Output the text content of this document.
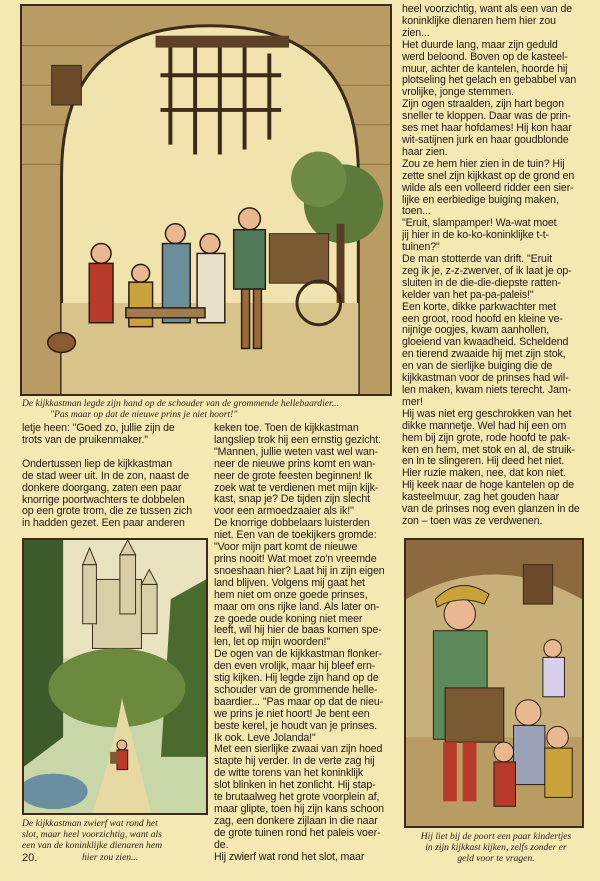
De kijkkastman legde zijn hand op de schouder van de grommende hellebaardier...
"Pas maar op dat de nieuwe prins je niet hoort!"

letje heen: "Goed zo, jullie zijn de

trots van de pruikenmaker."

Ondertussen liep de kijkkastman

de stad weer uit. In de zon, naast de

donkere doorgang, zaten een paar

knorrige poortwachters te dobbelen

op een grote trom, die ze tussen zich

in hadden gezet. Een paar anderen

De kijkkastman zwierf wat rond het
slot, maar heel voorzichtig, want als
een van de koninklijke dienaren hem
hier zou zien...

keken toe. Toen de kijkkastman

langsliep trok hij een ernstig gezicht:

"Mannen, jullie weten vast wel wan-

neer de nieuwe prins komt en wan-

neer de grote feesten beginnen! Ik

zoek wat te verdienen met mijn kijk-

kast, snap je? De tijden zijn slecht

voor een armoedzaaier als ik!"

De knorrige dobbelaars luisterden

niet. Een van de toekijkers gromde:

"Voor mijn part komt de nieuwe

prins nooit! Wat moet zo'n vreemde

snoeshaan hier? Laat hij in zijn eigen

land blijven. Volgens mij gaat het

hem niet om onze goede prinses,

maar om ons rijke land. Als later on-

ze goede oude koning niet meer

leeft, wil hij hier de baas komen spe-

len, let op mijn woorden!"

De ogen van de kijkkastman flonker-

den even vrolijk, maar hij bleef ern-

stig kijken. Hij legde zijn hand op de

schouder van de grommende helle-

baardier... "Pas maar op dat de nieu-

we prins je niet hoort! Je bent een

beste kerel, je houdt van je prinses.

Ik ook. Leve Jolanda!"

Met een sierlijke zwaai van zijn hoed

stapte hij verder. In de verte zag hij

de witte torens van het koninklijk

slot blinken in het zonlicht. Hij stap-

te brutaalweg het grote voorplein af,

maar glipte, toen hij zijn kans schoon

zag, een donkere zijlaan in die naar

de grote tuinen rond het paleis voer-

de.

Hij zwierf wat rond het slot, maar

heel voorzichtig, want als een van de

koninklijke dienaren hem hier zou

zien...

Het duurde lang, maar zijn geduld

werd beloond. Boven op de kasteel-

muur, achter de kantelen, hoorde hij

plotseling het gelach en gebabbel van

vrolijke, jonge stemmen.

Zijn ogen straalden, zijn hart begon

sneller te kloppen. Daar was de prin-

ses met haar hofdames! Hij kon haar

wit-satijnen jurk en haar goudblonde

haar zien.

Zou ze hem hier zien in de tuin? Hij

zette snel zijn kijkkast op de grond en

wilde als een volleerd ridder een sier-

lijke en eerbiedige buiging maken,

toen...

"Eruit, slampamper! Wa-wat moet

jij hier in de ko-ko-koninklijke t-t-

tuinen?"

De man stotterde van drift. "Eruit

zeg ik je, z-z-zwerver, of ik laat je op-

sluiten in de die-die-diepste ratten-

kelder van het pa-pa-paleis!"

Een korte, dikke parkwachter met

een groot, rood hoofd en kleine ve-

nijnige oogjes, kwam aanhollen,

gloeiend van kwaadheid. Scheldend

en tierend zwaaide hij met zijn stok,

en van de sierlijke buiging die de

kijkkastman voor de prinses had wil-

len maken, kwam niets terecht. Jam-

mer!

Hij was niet erg geschrokken van het

dikke mannetje. Wel had hij een om

hem bij zijn grote, rode hoofd te pak-

ken en hem, met stok en al, de struik-

en in te slingeren. Hij deed het niet.

Hier ruzie maken, nee, dat kon niet.

Hij keek naar de hoge kantelen op de

kasteelmuur, zag het gouden haar

van de prinses nog even glanzen in de

zon – toen was ze verdwenen.

Hij liet bij de poort een paar kindertjes
in zijn kijkkast kijken, zelfs zonder er
geld voor te vragen.
20.
